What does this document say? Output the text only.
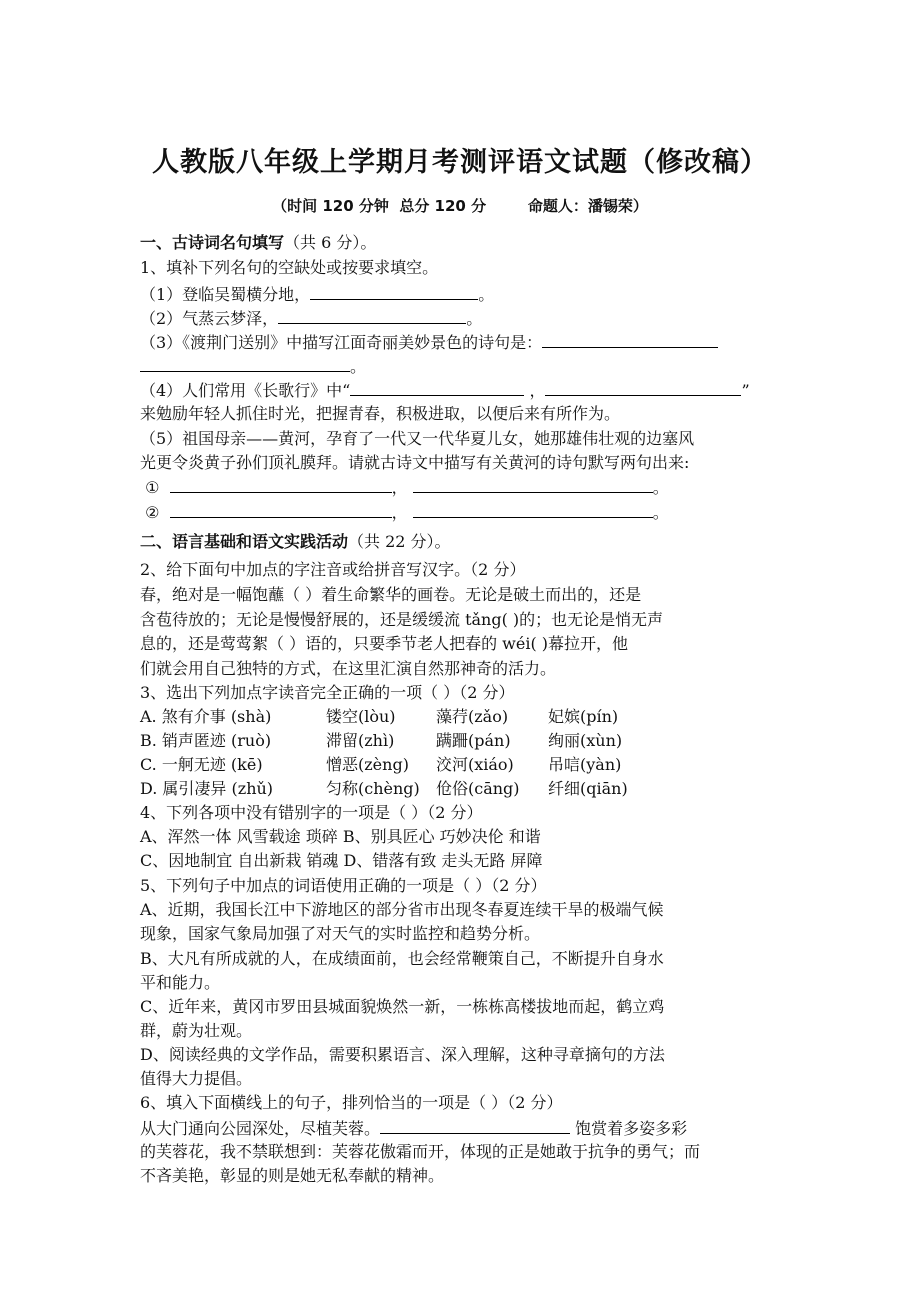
人教版八年级上学期月考测评语文试题（修改稿）
（时间 120 分钟  总分 120 分        命题人：潘锡荣）
一、古诗词名句填写（共 6 分）。
1、填补下列名句的空缺处或按要求填空。
（1）登临吴蜀横分地，	。
（2）气蒸云梦泽，	。
（3）《渡荆门送别》中描写江面奇丽美妙景色的诗句是：
。
（4）人们常用《长歌行》中“	，	”
来勉励年轻人抓住时光，把握青春，积极进取，以便后来有所作为。
（5）祖国母亲——黄河，孕育了一代又一代华夏儿女，她那雄伟壮观的边塞风
光更令炎黄子孙们顶礼膜拜。请就古诗文中描写有关黄河的诗句默写两句出来:
①	，	。
②	，	。
二、语言基础和语文实践活动（共 22 分）。
2、给下面句中加点的字注音或给拼音写汉字。（2 分）
春，绝对是一幅饱蘸（ ）着生命繁华的画卷。无论是破土而出的，还是
含苞待放的；无论是慢慢舒展的，还是缓缓流 tǎng( )的；也无论是悄无声
息的，还是莺莺絮（ ）语的，只要季节老人把春的 wéi( )幕拉开，他
们就会用自己独特的方式，在这里汇演自然那神奇的活力。
3、选出下列加点字读音完全正确的一项（ ）（2 分）
A. 煞有介事 (shà)	镂空(lòu)	藻荇(zǎo) 妃嫔(pín)
B. 销声匿迹 (ruò)	滞留(zhì)	蹒跚(pán) 绚丽(xùn)
C. 一舸无迹 (kē)	憎恶(zèng) 洨河(xiáo) 吊唁(yàn)
D. 属引凄异 (zhǔ)	匀称(chèng) 伧俗(cāng) 纤细(qiān)
4、下列各项中没有错别字的一项是（ ）（2 分）
A、浑然一体 风雪载途 琐碎 B、别具匠心 巧妙决伦 和谐
C、因地制宜 自出新栽 销魂 D、错落有致 走头无路 屏障
5、下列句子中加点的词语使用正确的一项是（ ）（2 分）
A、近期，我国长江中下游地区的部分省市出现冬春夏连续干旱的极端气候
现象，国家气象局加强了对天气的实时监控和趋势分析。
B、大凡有所成就的人，在成绩面前，也会经常鞭策自己，不断提升自身水
平和能力。
C、近年来，黄冈市罗田县城面貌焕然一新，一栋栋高楼拔地而起，鹤立鸡
群，蔚为壮观。
D、阅读经典的文学作品，需要积累语言、深入理解，这种寻章摘句的方法
值得大力提倡。
6、填入下面横线上的句子，排列恰当的一项是（ ）（2 分）
从大门通向公园深处，尽植芙蓉。	饱赏着多姿多彩
的芙蓉花，我不禁联想到：芙蓉花傲霜而开，体现的正是她敢于抗争的勇气；而
不吝美艳，彰显的则是她无私奉献的精神。
